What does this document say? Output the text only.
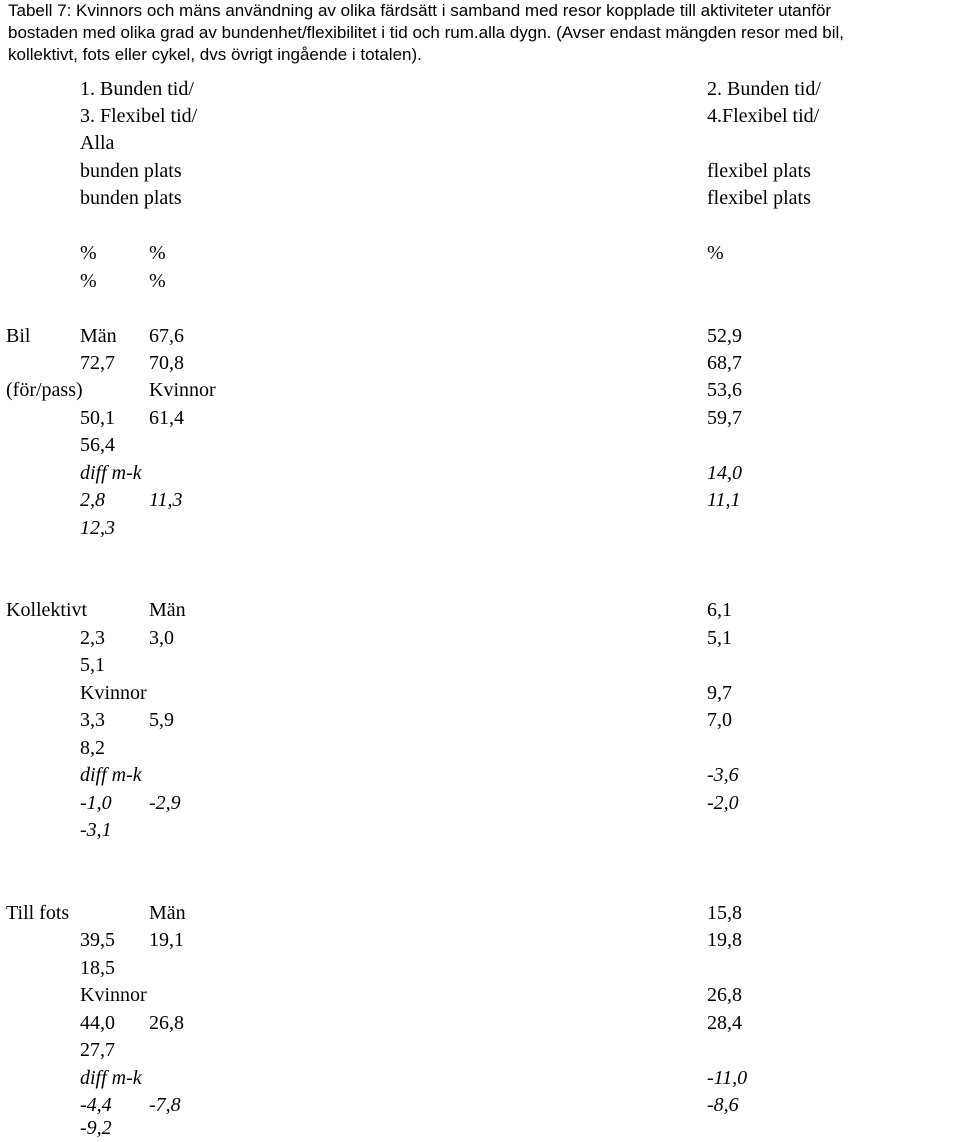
Tabell 7: Kvinnors och mäns användning av olika färdsätt i samband med resor kopplade till aktiviteter utanför
bostaden med olika grad av bundenhet/flexibilitet i tid och rum.alla dygn. (Avser endast mängden resor med bil,
kollektivt, fots eller cykel, dvs övrigt ingående i totalen).
1. Bunden tid/	2. Bunden tid/
3. Flexibel tid/	4.Flexibel tid/
Alla
bunden plats	flexibel plats
bunden plats	flexibel plats
%	%	%
%	%
Bil Män 67,6	52,9
72,7 70,8	68,7
(för/pass)	Kvinnor	53,6
50,1 61,4	59,7
56,4
diff m-k	14,0
2,8 11,3	11,1
12,3
Kollektivt	Män	6,1
2,3 3,0	5,1
5,1
Kvinnor	9,7
3,3 5,9	7,0
8,2
diff m-k	-3,6
-1,0 -2,9	-2,0
-3,1
Till fots	Män	15,8
39,5 19,1	19,8
18,5
Kvinnor	26,8
44,0 26,8	28,4
27,7
diff m-k	-11,0
-4,4 -7,8	-8,6
-9,2
